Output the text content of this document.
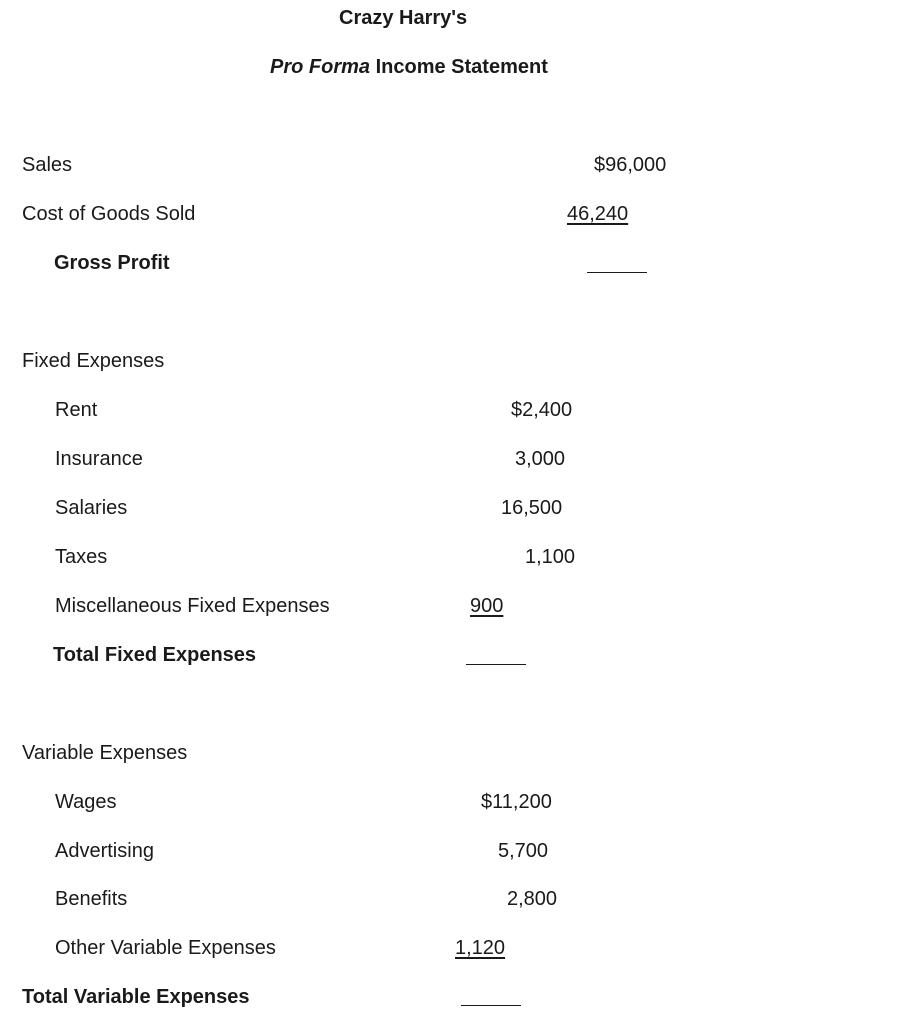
Crazy Harry's
Pro Forma Income Statement
Sales	$96,000
Cost of Goods Sold	46,240
Gross Profit
Fixed Expenses
Rent	$2,400
Insurance	3,000
Salaries	16,500
Taxes	1,100
Miscellaneous Fixed Expenses	900
Total Fixed Expenses
Variable Expenses
Wages	$11,200
Advertising	5,700
Benefits	2,800
Other Variable Expenses	1,120
Total Variable Expenses
